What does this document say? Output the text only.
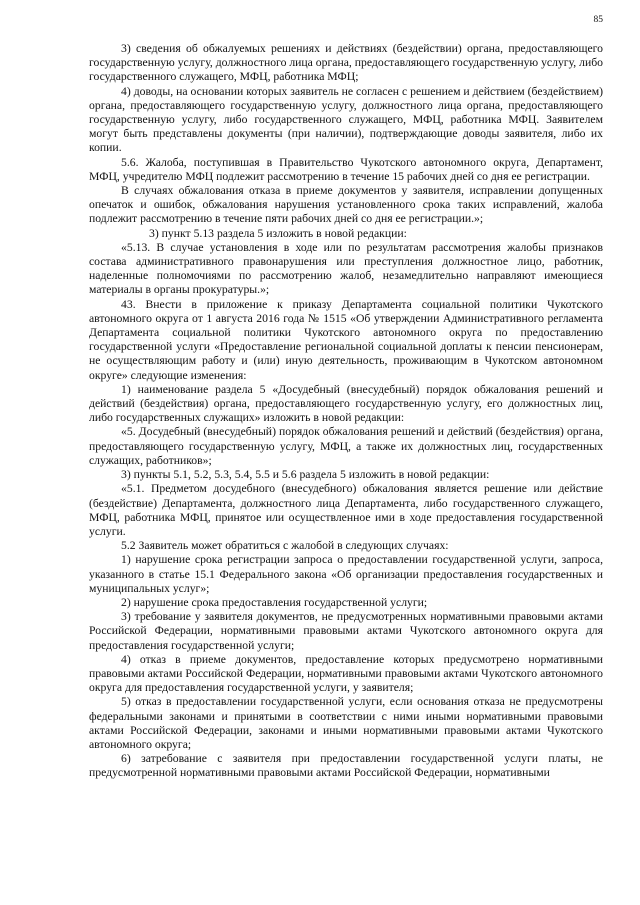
85

3) сведения об обжалуемых решениях и действиях (бездействии) органа, предоставляющего государственную услугу, должностного лица органа, предоставляющего государственную услугу, либо государственного служащего, МФЦ, работника МФЦ;

4) доводы, на основании которых заявитель не согласен с решением и действием (бездействием) органа, предоставляющего государственную услугу, должностного лица органа, предоставляющего государственную услугу, либо государственного служащего, МФЦ, работника МФЦ. Заявителем могут быть представлены документы (при наличии), подтверждающие доводы заявителя, либо их копии.

5.6. Жалоба, поступившая в Правительство Чукотского автономного округа, Департамент, МФЦ, учредителю МФЦ подлежит рассмотрению в течение 15 рабочих дней со дня ее регистрации.

В случаях обжалования отказа в приеме документов у заявителя, исправлении допущенных опечаток и ошибок, обжалования нарушения установленного срока таких исправлений, жалоба подлежит рассмотрению в течение пяти рабочих дней со дня ее регистрации.»;

3) пункт 5.13 раздела 5 изложить в новой редакции:

«5.13. В случае установления в ходе или по результатам рассмотрения жалобы признаков состава административного правонарушения или преступления должностное лицо, работник, наделенные полномочиями по рассмотрению жалоб, незамедлительно направляют имеющиеся материалы в органы прокуратуры.»;

43. Внести в приложение к приказу Департамента социальной политики Чукотского автономного округа от 1 августа 2016 года № 1515 «Об утверждении Административного регламента Департамента социальной политики Чукотского автономного округа по предоставлению государственной услуги «Предоставление региональной социальной доплаты к пенсии пенсионерам, не осуществляющим работу и (или) иную деятельность, проживающим в Чукотском автономном округе» следующие изменения:

1) наименование раздела 5 «Досудебный (внесудебный) порядок обжалования решений и действий (бездействия) органа, предоставляющего государственную услугу, его должностных лиц, либо государственных служащих» изложить в новой редакции:

«5. Досудебный (внесудебный) порядок обжалования решений и действий (бездействия) органа, предоставляющего государственную услугу, МФЦ, а также их должностных лиц, государственных служащих, работников»;

3) пункты 5.1, 5.2, 5.3, 5.4, 5.5 и 5.6 раздела 5 изложить в новой редакции:

«5.1. Предметом досудебного (внесудебного) обжалования является решение или действие (бездействие) Департамента, должностного лица Департамента, либо государственного служащего, МФЦ, работника МФЦ, принятое или осуществленное ими в ходе предоставления государственной услуги.

5.2 Заявитель может обратиться с жалобой в следующих случаях:

1) нарушение срока регистрации запроса о предоставлении государственной услуги, запроса, указанного в статье 15.1 Федерального закона «Об организации предоставления государственных и муниципальных услуг»;

2) нарушение срока предоставления государственной услуги;

3) требование у заявителя документов, не предусмотренных нормативными правовыми актами Российской Федерации, нормативными правовыми актами Чукотского автономного округа для предоставления государственной услуги;

4) отказ в приеме документов, предоставление которых предусмотрено нормативными правовыми актами Российской Федерации, нормативными правовыми актами Чукотского автономного округа для предоставления государственной услуги, у заявителя;

5) отказ в предоставлении государственной услуги, если основания отказа не предусмотрены федеральными законами и принятыми в соответствии с ними иными нормативными правовыми актами Российской Федерации, законами и иными нормативными правовыми актами Чукотского автономного округа;

6) затребование с заявителя при предоставлении государственной услуги платы, не предусмотренной нормативными правовыми актами Российской Федерации, нормативными
